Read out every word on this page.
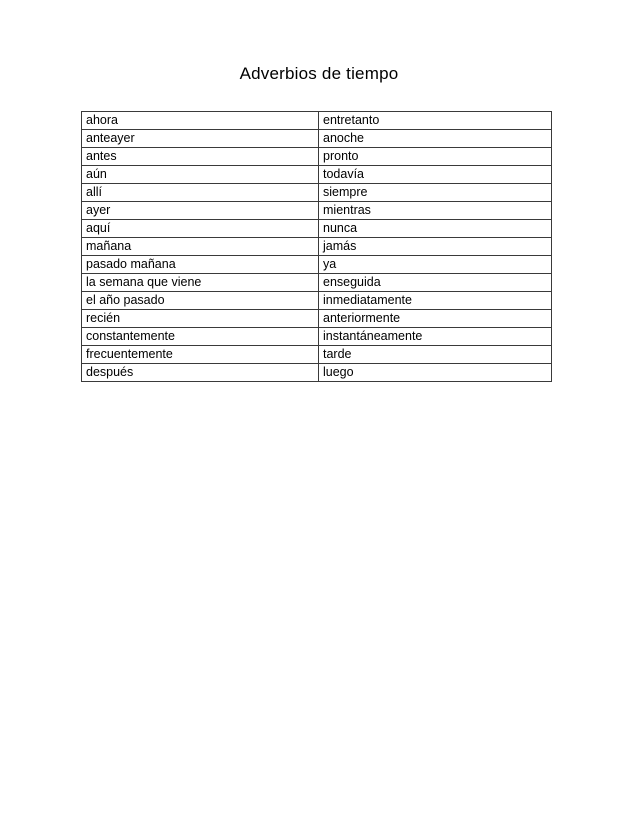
Adverbios de tiempo
ahora	entretanto
anteayer	anoche
antes	pronto
aún	todavía
allí	siempre
ayer	mientras
aquí	nunca
mañana	jamás
pasado mañana	ya
la semana que viene	enseguida
el año pasado	inmediatamente
recién	anteriormente
constantemente	instantáneamente
frecuentemente	tarde
después	luego
